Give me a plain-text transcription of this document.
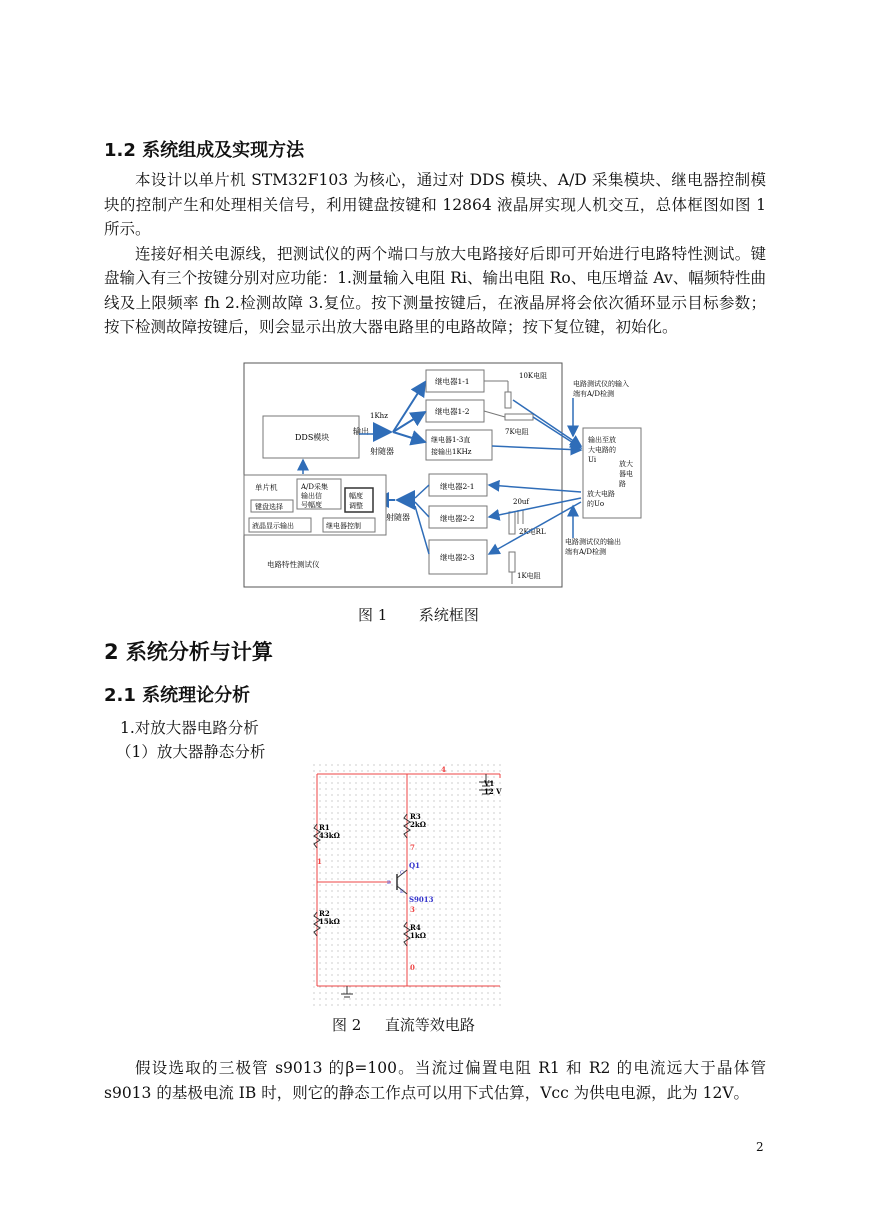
1.2 系统组成及实现方法

本设计以单片机 STM32F103 为核心，通过对 DDS 模块、A/D 采集模块、继电器控制模块的控制产生和处理相关信号，利用键盘按键和 12864 液晶屏实现人机交互，总体框图如图 1 所示。

连接好相关电源线，把测试仪的两个端口与放大电路接好后即可开始进行电路特性测试。键盘输入有三个按键分别对应功能：1.测量输入电阻 Ri、输出电阻 Ro、电压增益 Av、幅频特性曲线及上限频率 fh 2.检测故障 3.复位。按下测量按键后，在液晶屏将会依次循环显示目标参数；按下检测故障按键后，则会显示出放大器电路里的电路故障；按下复位键，初始化。

DDS模块
输出
1Khz
射随器
继电器1-1
继电器1-2
继电器1-3直
接输出1KHz
10K电阻
7K电阻
电路测试仪的输入
端有A/D检测
输出至放
大电路的
Ui	放大
器电
路
放大电路
的Uo
继电器2-1
继电器2-2
继电器2-3
20uf
2K电RL
1K电阻
电路测试仪的输出
端有A/D检测
射随器
单片机	A/D采集
输出信
号幅度
幅度
调整
键盘选择
液晶显示输出	继电器控制
电路特性测试仪
图 1 系统框图
2 系统分析与计算
2.1 系统理论分析
1.对放大器电路分析
（1）放大器静态分析
V1
12 V
4
R1
43kΩ
1
R2
15kΩ
R3
2kΩ
7
R4
1kΩ
3
0
Q1
S9013
B
C
E
图 2 直流等效电路

假设选取的三极管 s9013 的β=100。当流过偏置电阻 R1 和 R2 的电流远大于晶体管 s9013 的基极电流 IB 时，则它的静态工作点可以用下式估算，Vcc 为供电电源，此为 12V。

2
